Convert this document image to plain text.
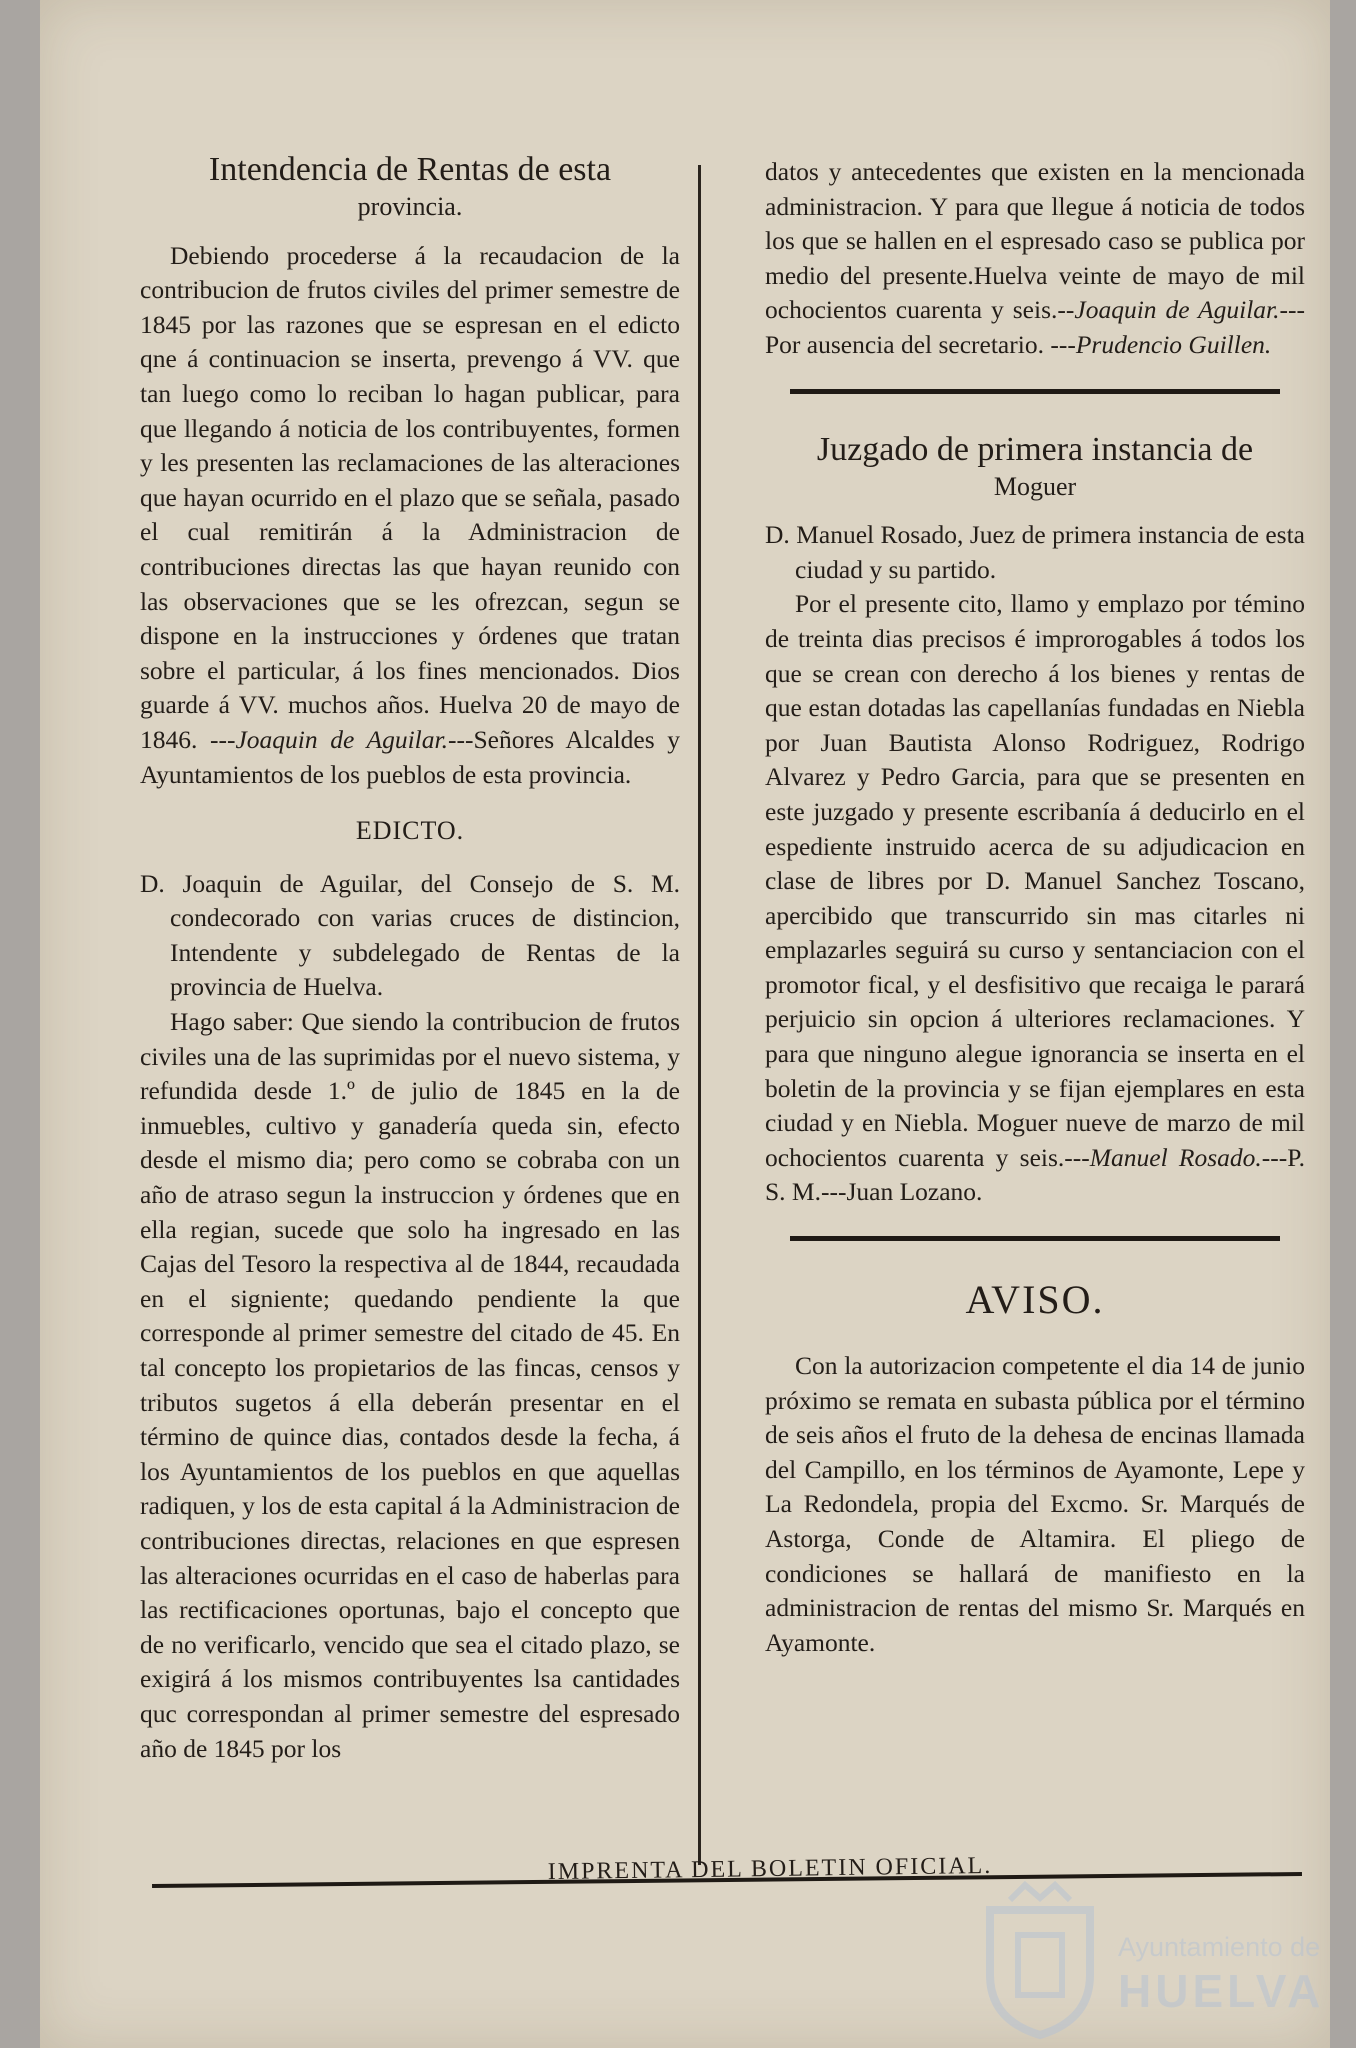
Intendencia de Rentas de esta
provincia.

Debiendo procederse á la recaudacion de la contribucion de frutos civiles del primer semestre de 1845 por las razones que se espresan en el edicto qne á continuacion se inserta, prevengo á VV. que tan luego como lo reciban lo hagan publicar, para que llegando á noticia de los contribuyentes, formen y les presenten las reclamaciones de las alteraciones que hayan ocurrido en el plazo que se señala, pasado el cual remitirán á la Administracion de contribuciones directas las que hayan reunido con las observaciones que se les ofrezcan, segun se dispone en la instrucciones y órdenes que tratan sobre el particular, á los fines mencionados. Dios guarde á VV. muchos años. Huelva 20 de mayo de 1846. ---Joaquin de Aguilar.---Señores Alcaldes y Ayuntamientos de los pueblos de esta provincia.

EDICTO.

D. Joaquin de Aguilar, del Consejo de S. M. condecorado con varias cruces de distincion, Intendente y subdelegado de Rentas de la provincia de Huelva.

Hago saber: Que siendo la contribucion de frutos civiles una de las suprimidas por el nuevo sistema, y refundida desde 1.º de julio de 1845 en la de inmuebles, cultivo y ganadería queda sin, efecto desde el mismo dia; pero como se cobraba con un año de atraso segun la instruccion y órdenes que en ella regian, sucede que solo ha ingresado en las Cajas del Tesoro la respectiva al de 1844, recaudada en el signiente; quedando pendiente la que corresponde al primer semestre del citado de 45. En tal concepto los propietarios de las fincas, censos y tributos sugetos á ella deberán presentar en el término de quince dias, contados desde la fecha, á los Ayuntamientos de los pueblos en que aquellas radiquen, y los de esta capital á la Administracion de contribuciones directas, relaciones en que espresen las alteraciones ocurridas en el caso de haberlas para las rectificaciones oportunas, bajo el concepto que de no verificarlo, vencido que sea el citado plazo, se exigirá á los mismos contribuyentes lsa cantidades quc correspondan al primer semestre del espresado año de 1845 por los

datos y antecedentes que existen en la mencionada administracion. Y para que llegue á noticia de todos los que se hallen en el espresado caso se publica por medio del presente.Huelva veinte de mayo de mil ochocientos cuarenta y seis.--Joaquin de Aguilar.---Por ausencia del secretario. ---Prudencio Guillen.

Juzgado de primera instancia de
Moguer

D. Manuel Rosado, Juez de primera instancia de esta ciudad y su partido.

Por el presente cito, llamo y emplazo por témino de treinta dias precisos é improrogables á todos los que se crean con derecho á los bienes y rentas de que estan dotadas las capellanías fundadas en Niebla por Juan Bautista Alonso Rodriguez, Rodrigo Alvarez y Pedro Garcia, para que se presenten en este juzgado y presente escribanía á deducirlo en el espediente instruido acerca de su adjudicacion en clase de libres por D. Manuel Sanchez Toscano, apercibido que transcurrido sin mas citarles ni emplazarles seguirá su curso y sentanciacion con el promotor fical, y el desfisitivo que recaiga le parará perjuicio sin opcion á ulteriores reclamaciones. Y para que ninguno alegue ignorancia se inserta en el boletin de la provincia y se fijan ejemplares en esta ciudad y en Niebla. Moguer nueve de marzo de mil ochocientos cuarenta y seis.---Manuel Rosado.---P. S. M.---Juan Lozano.

AVISO.

Con la autorizacion competente el dia 14 de junio próximo se remata en subasta pública por el término de seis años el fruto de la dehesa de encinas llamada del Campillo, en los términos de Ayamonte, Lepe y La Redondela, propia del Excmo. Sr. Marqués de Astorga, Conde de Altamira. El pliego de condiciones se hallará de manifiesto en la administracion de rentas del mismo Sr. Marqués en Ayamonte.

IMPRENTA DEL BOLETIN OFICIAL.
Ayuntamiento de
HUELVA
